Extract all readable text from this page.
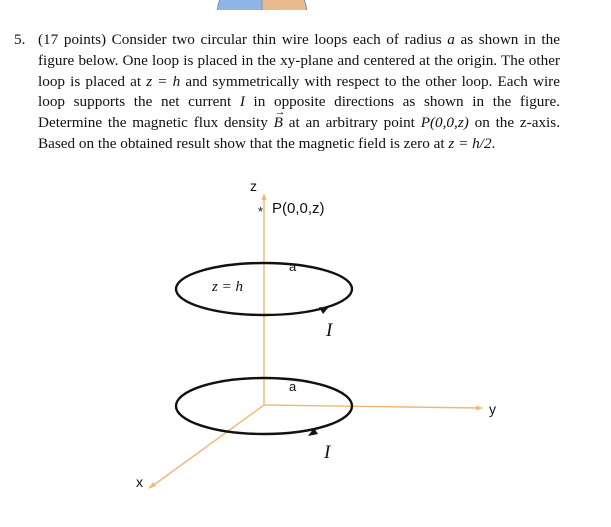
5. (17 points) Consider two circular thin wire loops each of radius a as shown in the figure below. One loop is placed in the xy-plane and centered at the origin. The other loop is placed at z = h and symmetrically with respect to the other loop. Each wire loop supports the net current I in opposite directions as shown in the figure. Determine the magnetic flux density → B at an arbitrary point P(0,0,z) on the z-axis. Based on the obtained result show that the magnetic field is zero at z = h/2.
z
y
x
* P(0,0,z)
z = h
a
I
a
I
